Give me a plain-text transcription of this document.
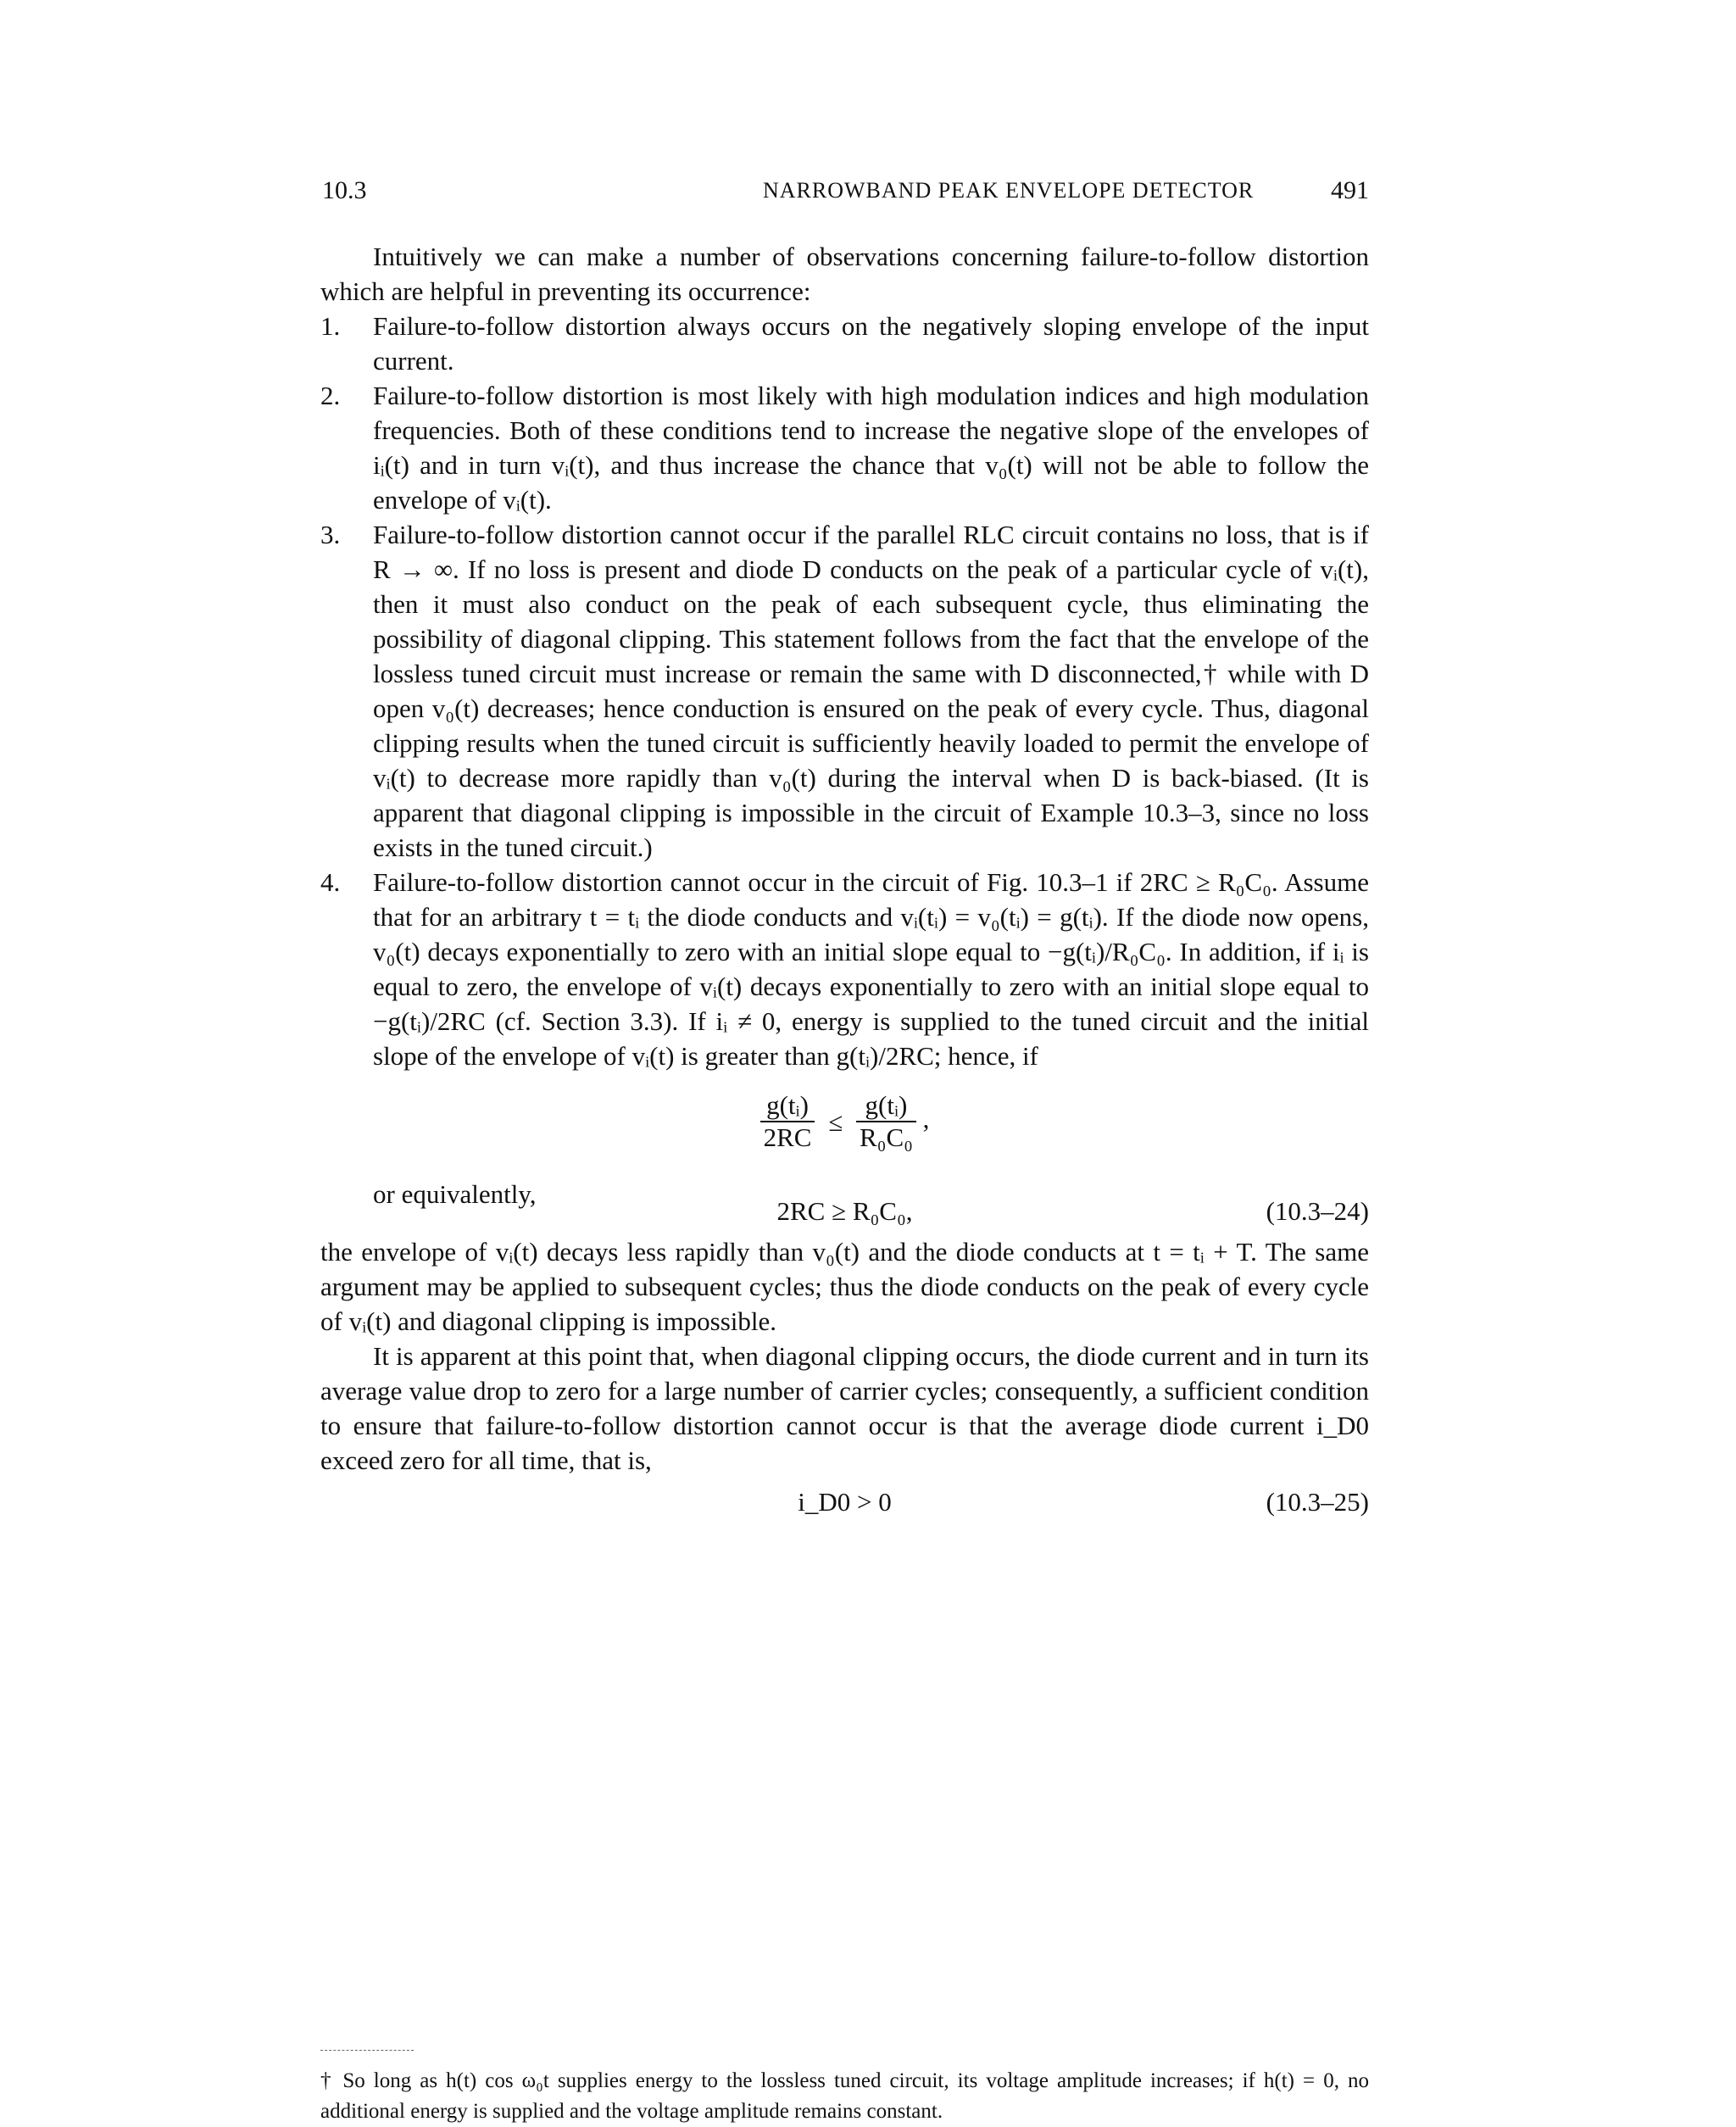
10.3	NARROWBAND PEAK ENVELOPE DETECTOR	491

Intuitively we can make a number of observations concerning failure-to-follow distortion which are helpful in preventing its occurrence:

1. Failure-to-follow distortion always occurs on the negatively sloping envelope of the input current.
2. Failure-to-follow distortion is most likely with high modulation indices and high modulation frequencies. Both of these conditions tend to increase the negative slope of the envelopes of iᵢ(t) and in turn vᵢ(t), and thus increase the chance that v₀(t) will not be able to follow the envelope of vᵢ(t).
3. Failure-to-follow distortion cannot occur if the parallel RLC circuit contains no loss, that is if R → ∞. If no loss is present and diode D conducts on the peak of a particular cycle of vᵢ(t), then it must also conduct on the peak of each subsequent cycle, thus eliminating the possibility of diagonal clipping. This statement follows from the fact that the envelope of the lossless tuned circuit must increase or remain the same with D disconnected,† while with D open v₀(t) decreases; hence conduction is ensured on the peak of every cycle. Thus, diagonal clipping results when the tuned circuit is sufficiently heavily loaded to permit the envelope of vᵢ(t) to decrease more rapidly than v₀(t) during the interval when D is back-biased. (It is apparent that diagonal clipping is impossible in the circuit of Example 10.3–3, since no loss exists in the tuned circuit.)
4. Failure-to-follow distortion cannot occur in the circuit of Fig. 10.3–1 if 2RC ≥ R₀C₀. Assume that for an arbitrary t = tᵢ the diode conducts and vᵢ(tᵢ) = v₀(tᵢ) = g(tᵢ). If the diode now opens, v₀(t) decays exponentially to zero with an initial slope equal to −g(tᵢ)/R₀C₀. In addition, if iᵢ is equal to zero, the envelope of vᵢ(t) decays exponentially to zero with an initial slope equal to −g(tᵢ)/2RC (cf. Section 3.3). If iᵢ ≠ 0, energy is supplied to the tuned circuit and the initial slope of the envelope of vᵢ(t) is greater than g(tᵢ)/2RC; hence, if
$\frac{\text{g(tᵢ)}}{2RC} \le \frac{\text{g(tᵢ)}}{\text{R₀C₀}}$ ,
or equivalently,
2RC ≥ R₀C₀,	(10.3–24)

the envelope of vᵢ(t) decays less rapidly than v₀(t) and the diode conducts at t = tᵢ + T. The same argument may be applied to subsequent cycles; thus the diode conducts on the peak of every cycle of vᵢ(t) and diagonal clipping is impossible.

It is apparent at this point that, when diagonal clipping occurs, the diode current and in turn its average value drop to zero for a large number of carrier cycles; consequently, a sufficient condition to ensure that failure-to-follow distortion cannot occur is that the average diode current i_D0 exceed zero for all time, that is,

i_D0 > 0	(10.3–25)
† So long as h(t) cos ω₀t supplies energy to the lossless tuned circuit, its voltage amplitude increases; if h(t) = 0, no additional energy is supplied and the voltage amplitude remains constant.
